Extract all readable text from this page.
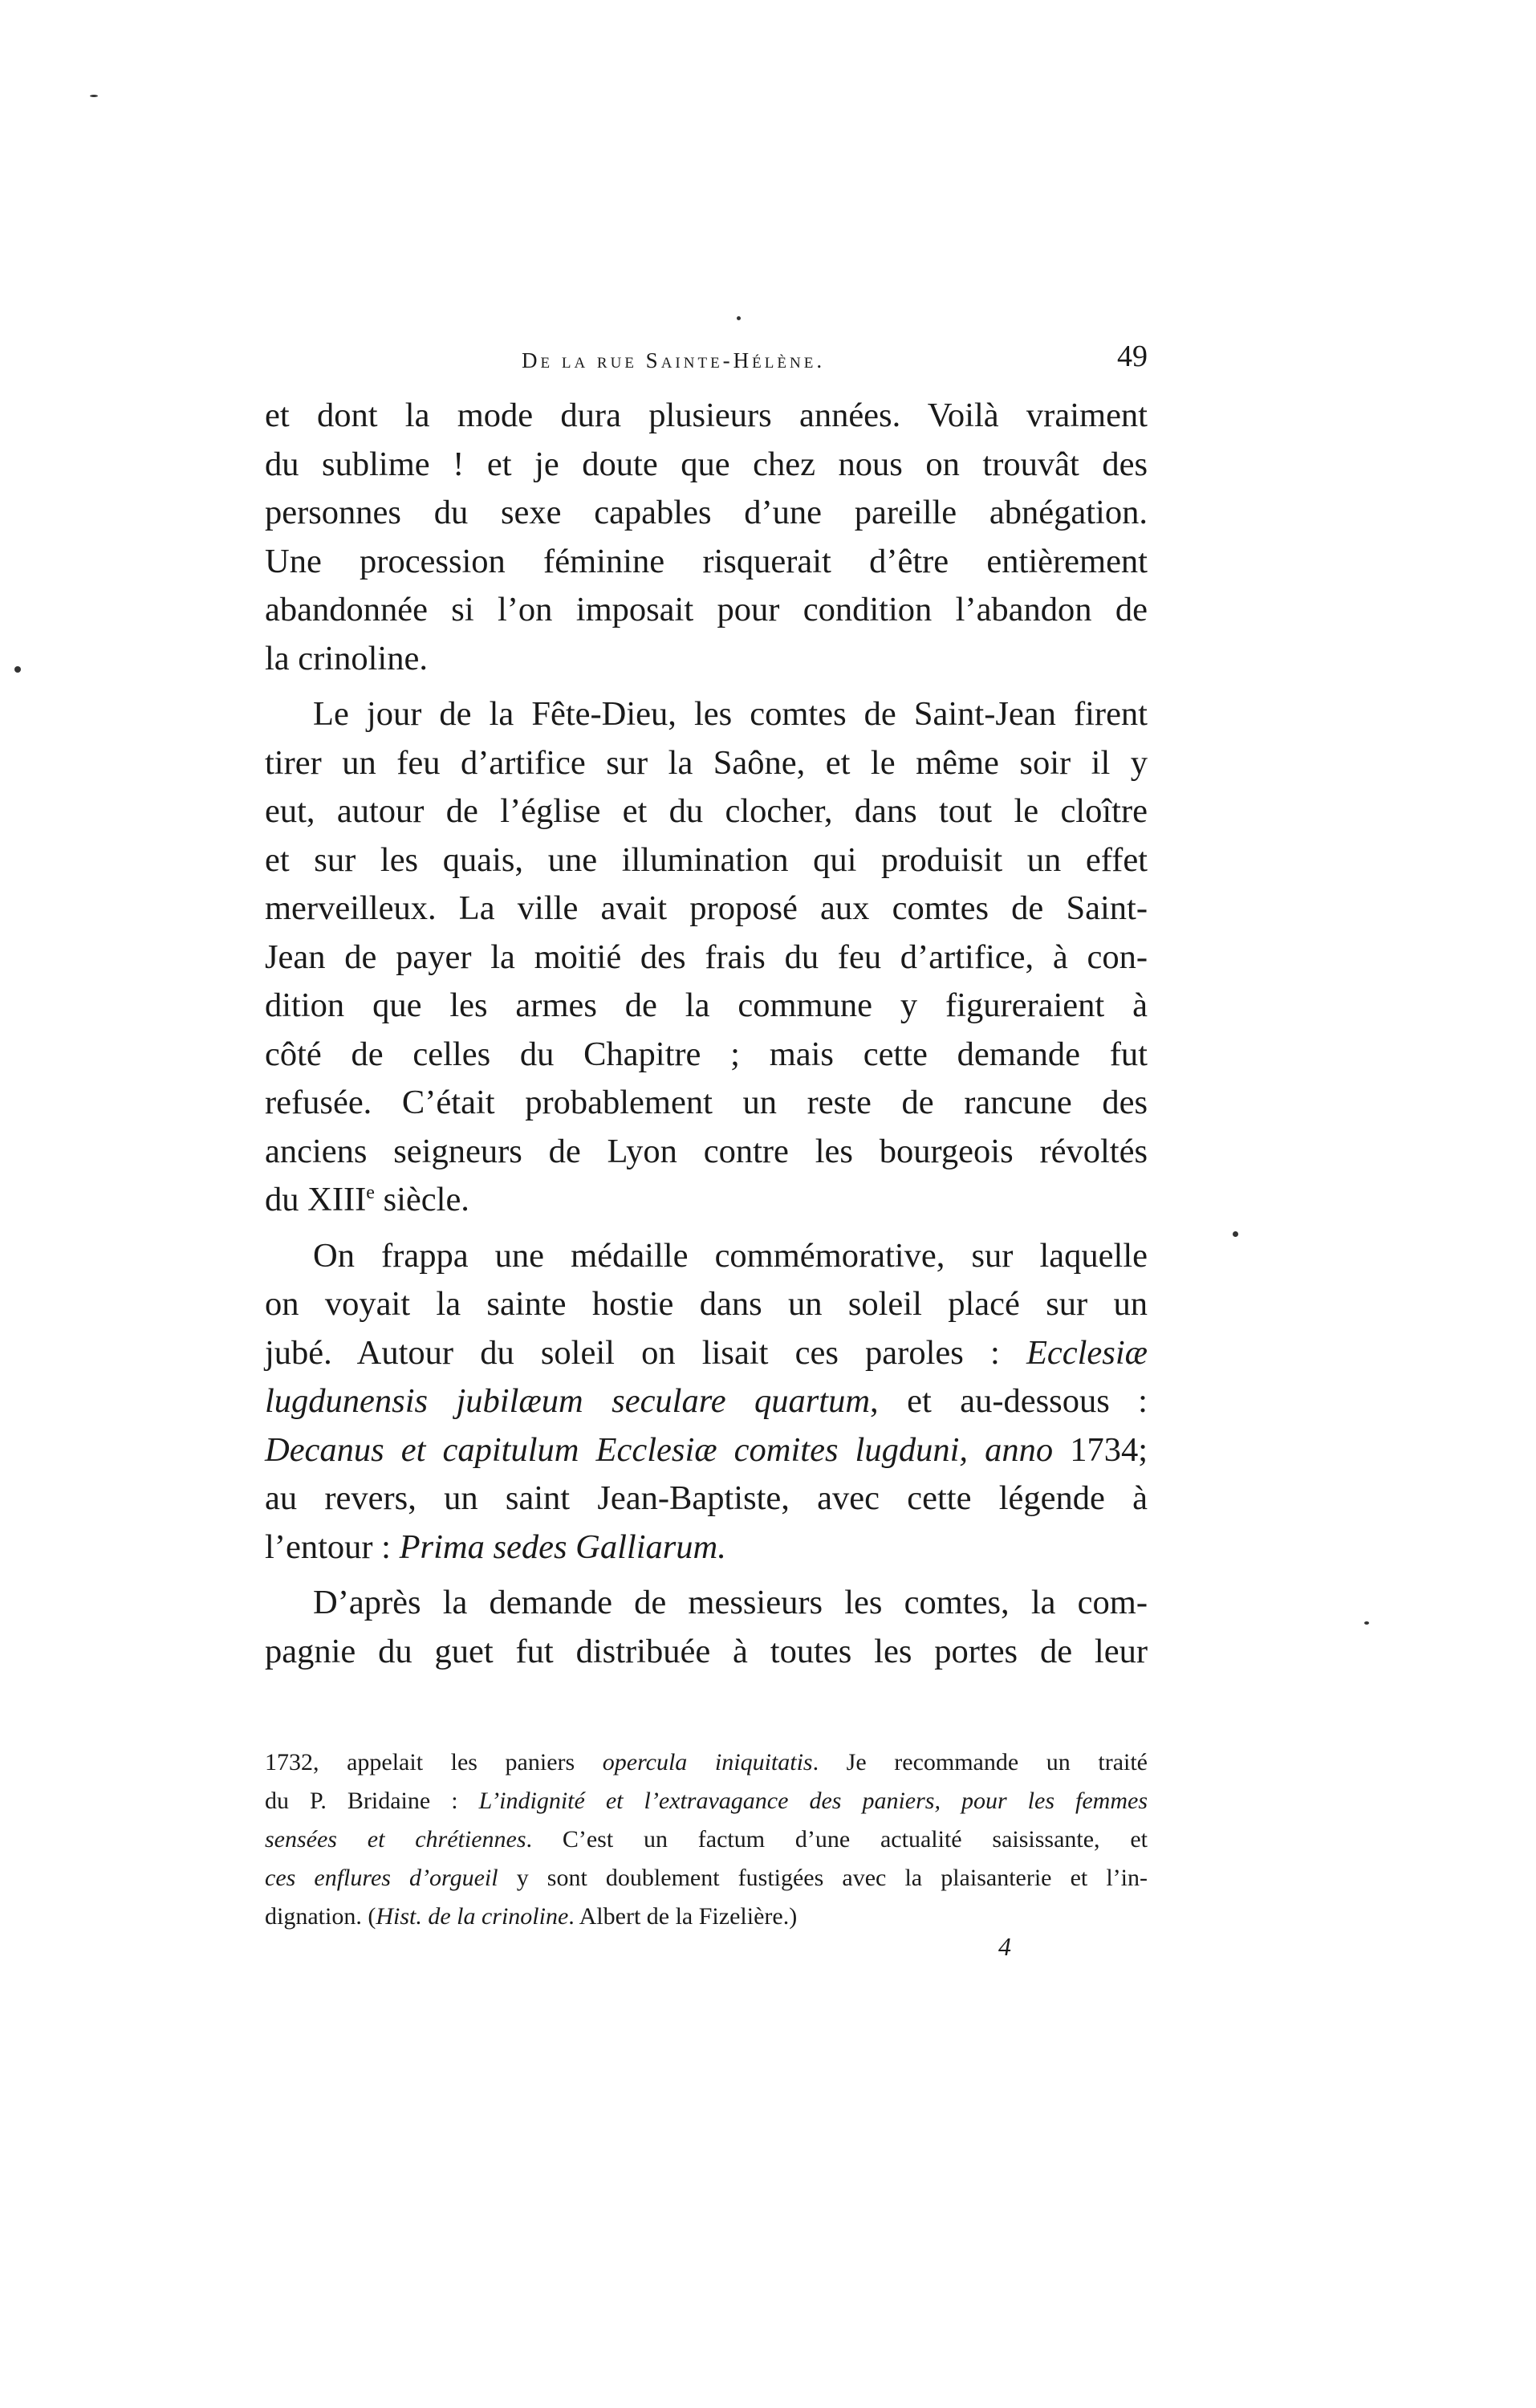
De la rue Sainte-Hélène.	49
et dont la mode dura plusieurs années. Voilà vraiment
du sublime ! et je doute que chez nous on trouvât des
personnes du sexe capables d’une pareille abnégation.
Une procession féminine risquerait d’être entièrement
abandonnée si l’on imposait pour condition l’abandon de
la crinoline.
Le jour de la Fête-Dieu, les comtes de Saint-Jean firent
tirer un feu d’artifice sur la Saône, et le même soir il y
eut, autour de l’église et du clocher, dans tout le cloître
et sur les quais, une illumination qui produisit un effet
merveilleux. La ville avait proposé aux comtes de Saint-
Jean de payer la moitié des frais du feu d’artifice, à con-
dition que les armes de la commune y figureraient à
côté de celles du Chapitre ; mais cette demande fut
refusée. C’était probablement un reste de rancune des
anciens seigneurs de Lyon contre les bourgeois révoltés
du XIIIe siècle.
On frappa une médaille commémorative, sur laquelle
on voyait la sainte hostie dans un soleil placé sur un
jubé. Autour du soleil on lisait ces paroles : Ecclesiæ
lugdunensis jubilæum seculare quartum, et au-dessous :
Decanus et capitulum Ecclesiæ comites lugduni, anno 1734;
au revers, un saint Jean-Baptiste, avec cette légende à
l’entour : Prima sedes Galliarum.
D’après la demande de messieurs les comtes, la com-
pagnie du guet fut distribuée à toutes les portes de leur
1732, appelait les paniers opercula iniquitatis. Je recommande un traité
du P. Bridaine : L’indignité et l’extravagance des paniers, pour les femmes
sensées et chrétiennes. C’est un factum d’une actualité saisissante, et
ces enflures d’orgueil y sont doublement fustigées avec la plaisanterie et l’in-
dignation. (Hist. de la crinoline. Albert de la Fizelière.)
4
